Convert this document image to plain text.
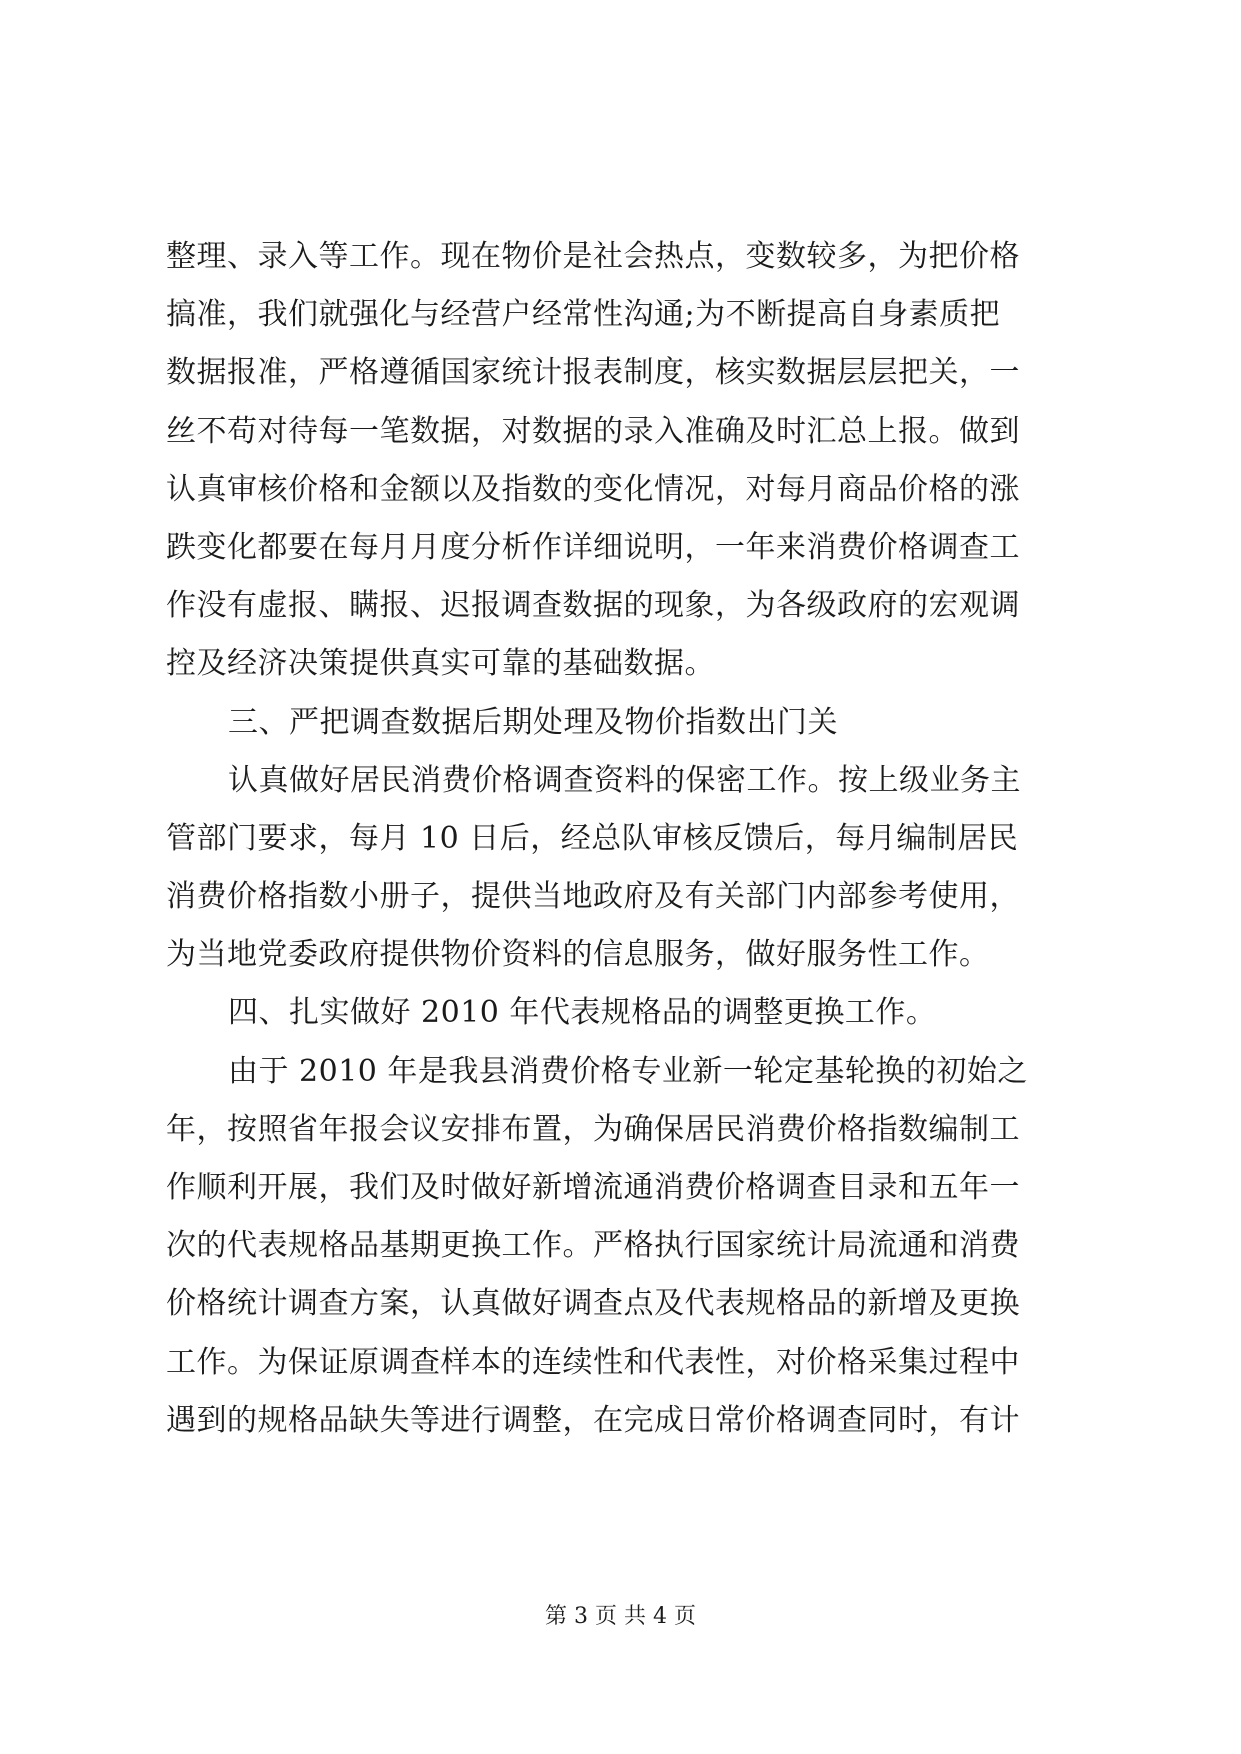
整理、录入等工作。现在物价是社会热点，变数较多，为把价格
搞准，我们就强化与经营户经常性沟通;为不断提高自身素质把
数据报准，严格遵循国家统计报表制度，核实数据层层把关，一
丝不苟对待每一笔数据，对数据的录入准确及时汇总上报。做到
认真审核价格和金额以及指数的变化情况，对每月商品价格的涨
跌变化都要在每月月度分析作详细说明，一年来消费价格调查工
作没有虚报、瞒报、迟报调查数据的现象，为各级政府的宏观调
控及经济决策提供真实可靠的基础数据。
三、严把调查数据后期处理及物价指数出门关
认真做好居民消费价格调查资料的保密工作。按上级业务主
管部门要求，每月 10 日后，经总队审核反馈后，每月编制居民
消费价格指数小册子，提供当地政府及有关部门内部参考使用，
为当地党委政府提供物价资料的信息服务，做好服务性工作。
四、扎实做好 2010 年代表规格品的调整更换工作。
由于 2010 年是我县消费价格专业新一轮定基轮换的初始之
年，按照省年报会议安排布置，为确保居民消费价格指数编制工
作顺利开展，我们及时做好新增流通消费价格调查目录和五年一
次的代表规格品基期更换工作。严格执行国家统计局流通和消费
价格统计调查方案，认真做好调查点及代表规格品的新增及更换
工作。为保证原调查样本的连续性和代表性，对价格采集过程中
遇到的规格品缺失等进行调整，在完成日常价格调查同时，有计
第 3 页 共 4 页
